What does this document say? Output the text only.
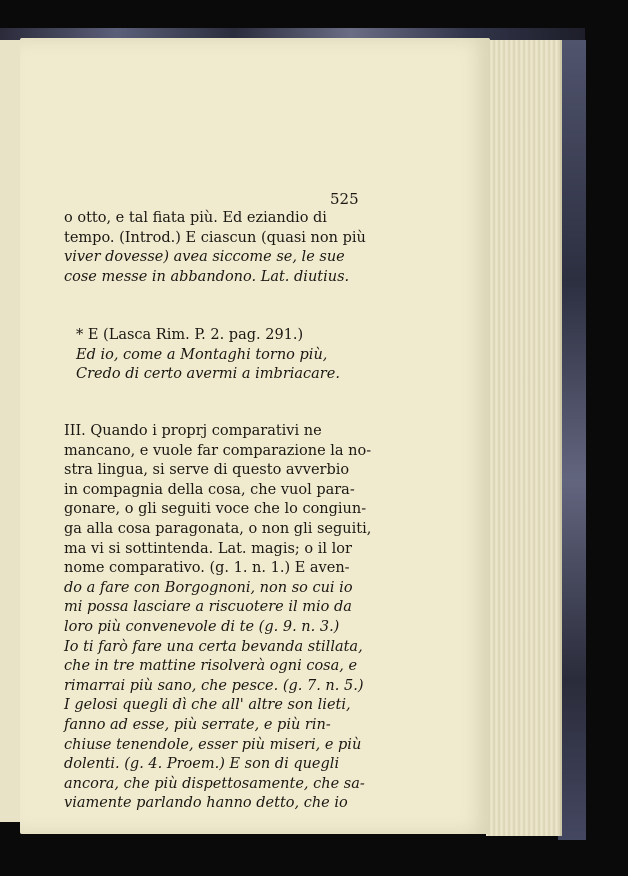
525
o otto, e tal fiata più. Ed eziandio di
tempo. (Introd.) E ciascun (quasi non più
viver dovesse) avea siccome se, le sue
cose messe in abbandono. Lat. diutius.
* E (Lasca Rim. P. 2. pag. 291.)
Ed io, come a Montaghi torno più,
Credo di certo avermi a imbriacare.
III. Quando i proprj comparativi ne
mancano, e vuole far comparazione la no-
stra lingua, si serve di questo avverbio
in compagnia della cosa, che vuol para-
gonare, o gli seguiti voce che lo congiun-
ga alla cosa paragonata, o non gli seguiti,
ma vi si sottintenda. Lat. magis; o il lor
nome comparativo. (g. 1. n. 1.) E aven-
do a fare con Borgognoni, non so cui io
mi possa lasciare a riscuotere il mio da
loro più convenevole di te (g. 9. n. 3.)
Io ti farò fare una certa bevanda stillata,
che in tre mattine risolverà ogni cosa, e
rimarrai più sano, che pesce. (g. 7. n. 5.)
I gelosi quegli dì che all' altre son lieti,
fanno ad esse, più serrate, e più rin-
chiuse tenendole, esser più miseri, e più
dolenti. (g. 4. Proem.) E son di quegli
ancora, che più dispettosamente, che sa-
viamente parlando hanno detto, che io
